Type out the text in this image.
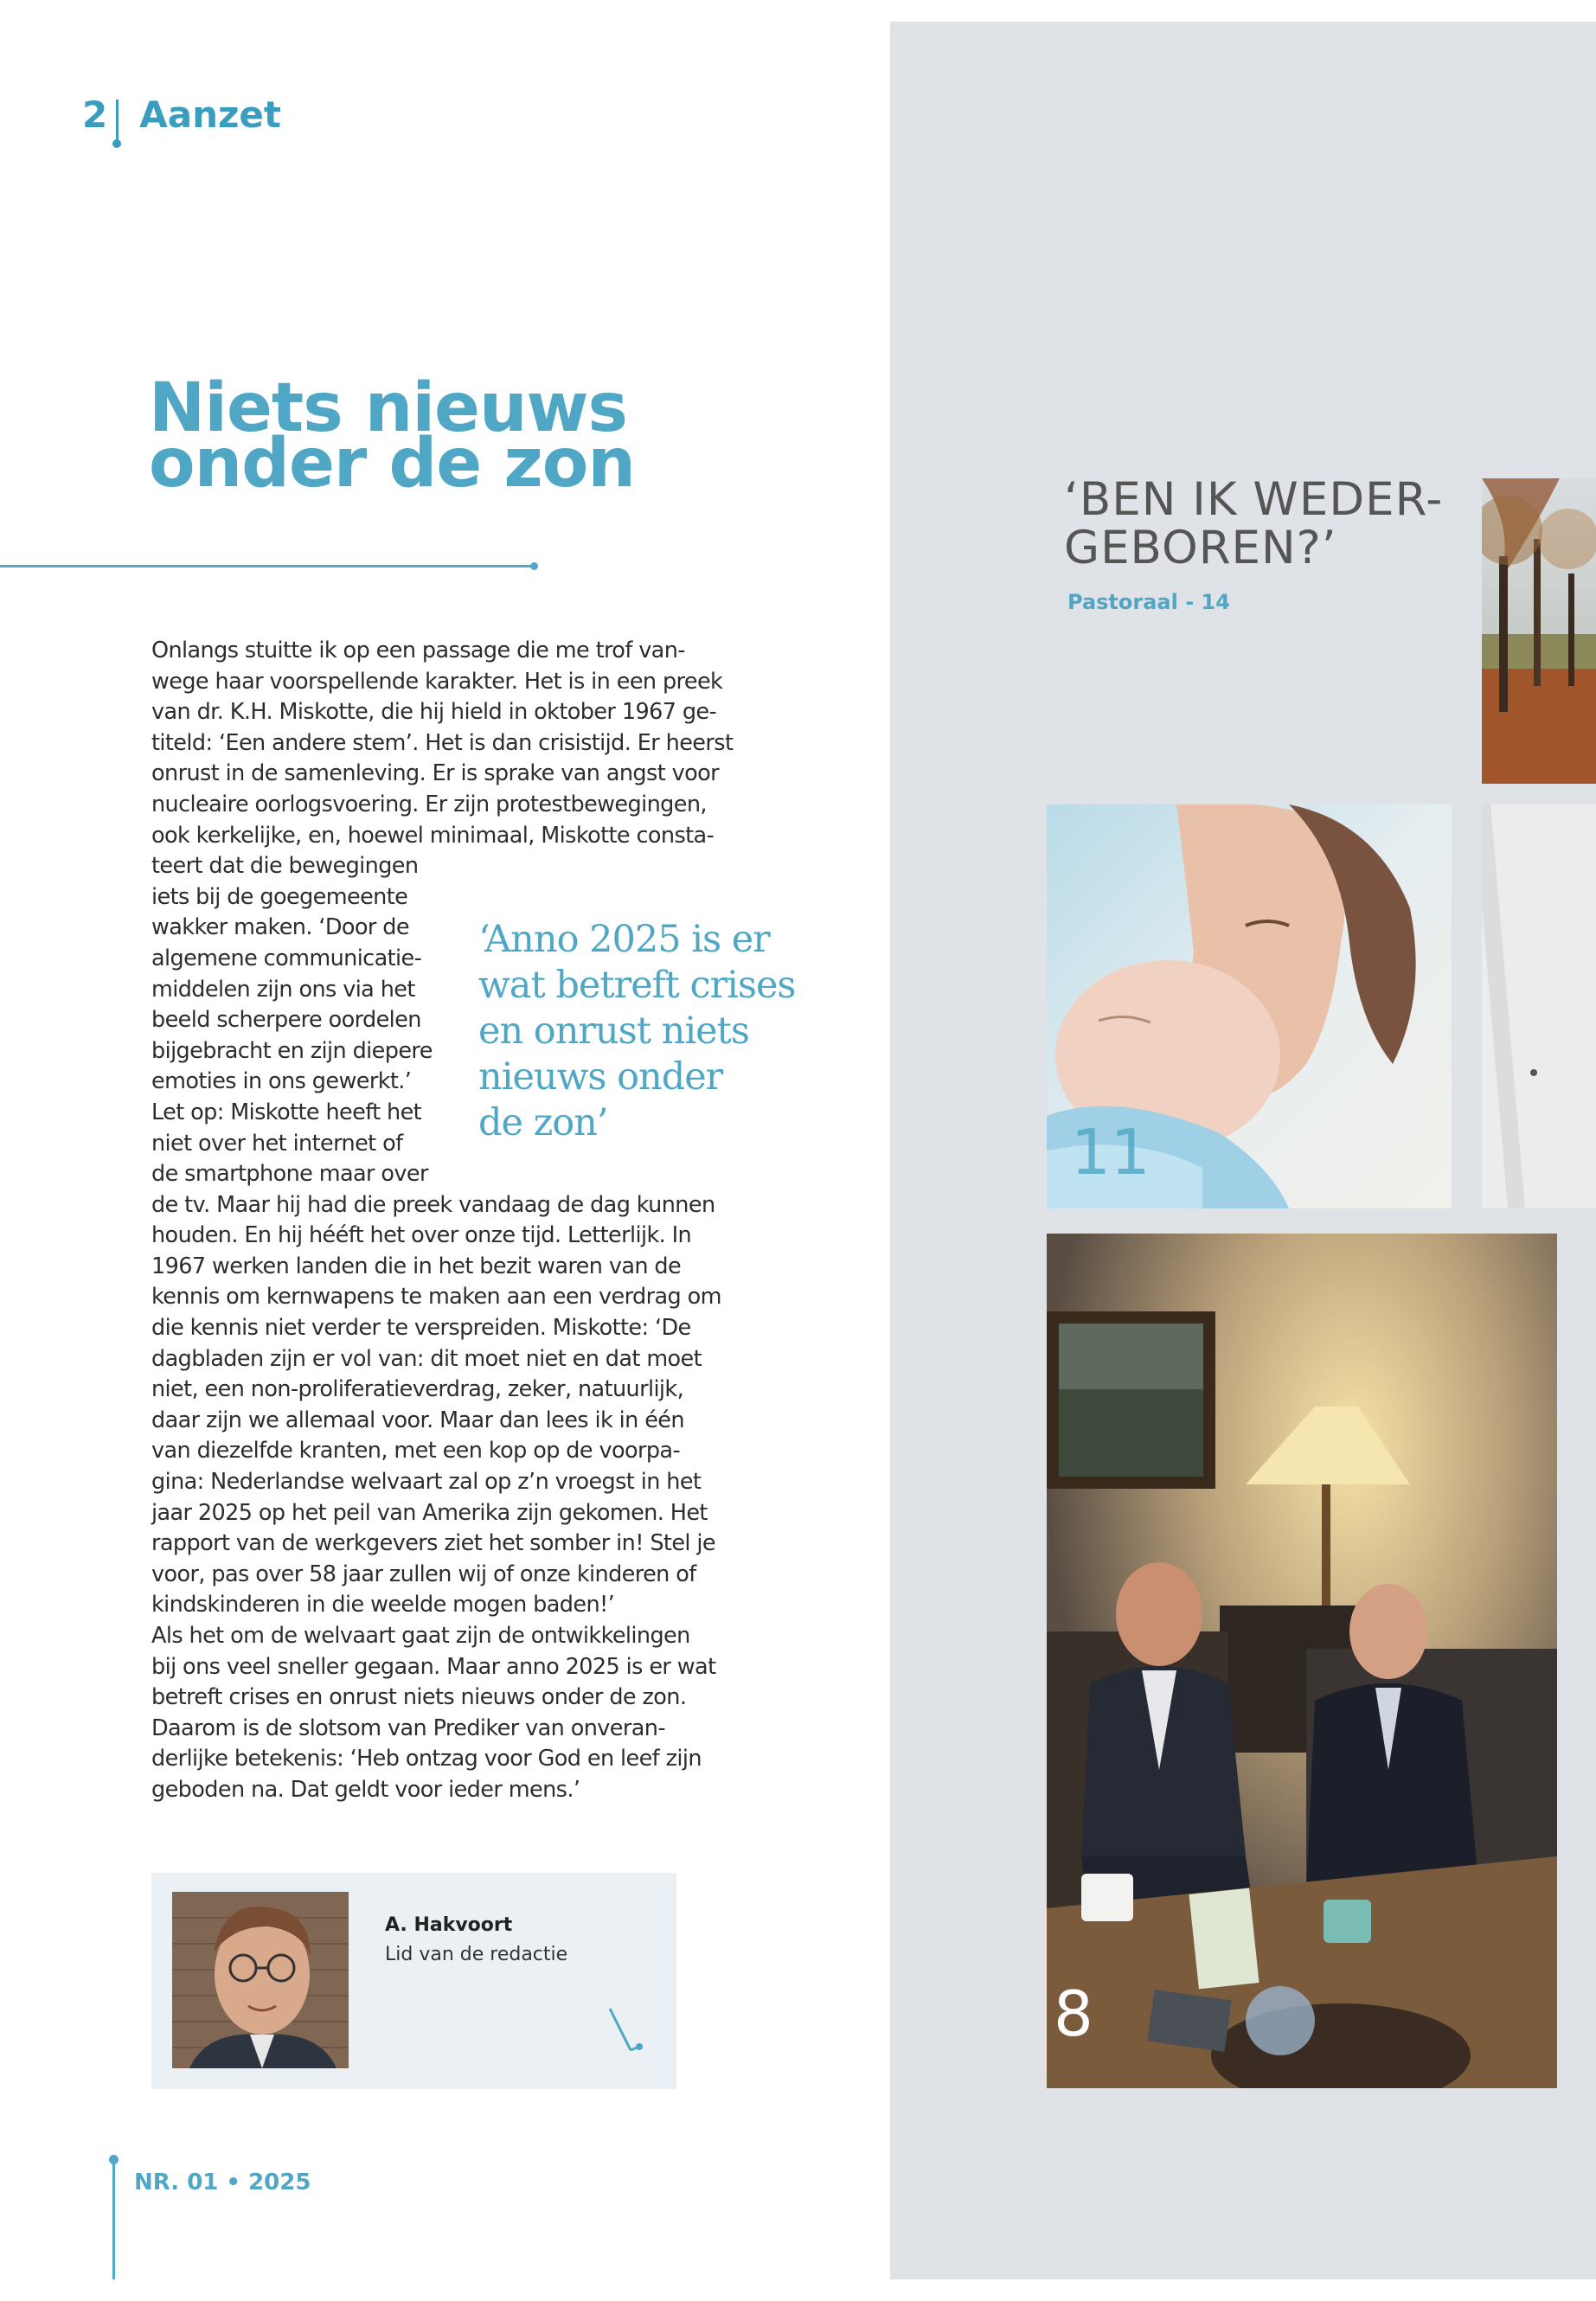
2 Aanzet
Niets nieuws
onder de zon
Onlangs stuitte ik op een passage die me trof van-
wege haar voorspellende karakter. Het is in een preek
van dr. K.H. Miskotte, die hij hield in oktober 1967 ge-
titeld: ‘Een andere stem’. Het is dan crisistijd. Er heerst
onrust in de samenleving. Er is sprake van angst voor
nucleaire oorlogsvoering. Er zijn protestbewegingen,
ook kerkelijke, en, hoewel minimaal, Miskotte consta-
teert dat die bewegingen
iets bij de goegemeente
wakker maken. ‘Door de
algemene communicatie-
middelen zijn ons via het
beeld scherpere oordelen
bijgebracht en zijn diepere
emoties in ons gewerkt.’
Let op: Miskotte heeft het
niet over het internet of
de smartphone maar over
de tv. Maar hij had die preek vandaag de dag kunnen
houden. En hij hééft het over onze tijd. Letterlijk. In
1967 werken landen die in het bezit waren van de
kennis om kernwapens te maken aan een verdrag om
die kennis niet verder te verspreiden. Miskotte: ‘De
dagbladen zijn er vol van: dit moet niet en dat moet
niet, een non-proliferatieverdrag, zeker, natuurlijk,
daar zijn we allemaal voor. Maar dan lees ik in één
van diezelfde kranten, met een kop op de voorpa-
gina: Nederlandse welvaart zal op z’n vroegst in het
jaar 2025 op het peil van Amerika zijn gekomen. Het
rapport van de werkgevers ziet het somber in! Stel je
voor, pas over 58 jaar zullen wij of onze kinderen of
kindskinderen in die weelde mogen baden!’
Als het om de welvaart gaat zijn de ontwikkelingen
bij ons veel sneller gegaan. Maar anno 2025 is er wat
betreft crises en onrust niets nieuws onder de zon.
Daarom is de slotsom van Prediker van onveran-
derlijke betekenis: ‘Heb ontzag voor God en leef zijn
geboden na. Dat geldt voor ieder mens.’
‘Anno 2025 is er
wat betreft crises
en onrust niets
nieuws onder
de zon’
A. Hakvoort
Lid van de redactie
NR. 01 • 2025
‘BEN IK WEDER-
GEBOREN?’
Pastoraal - 14
11
8
